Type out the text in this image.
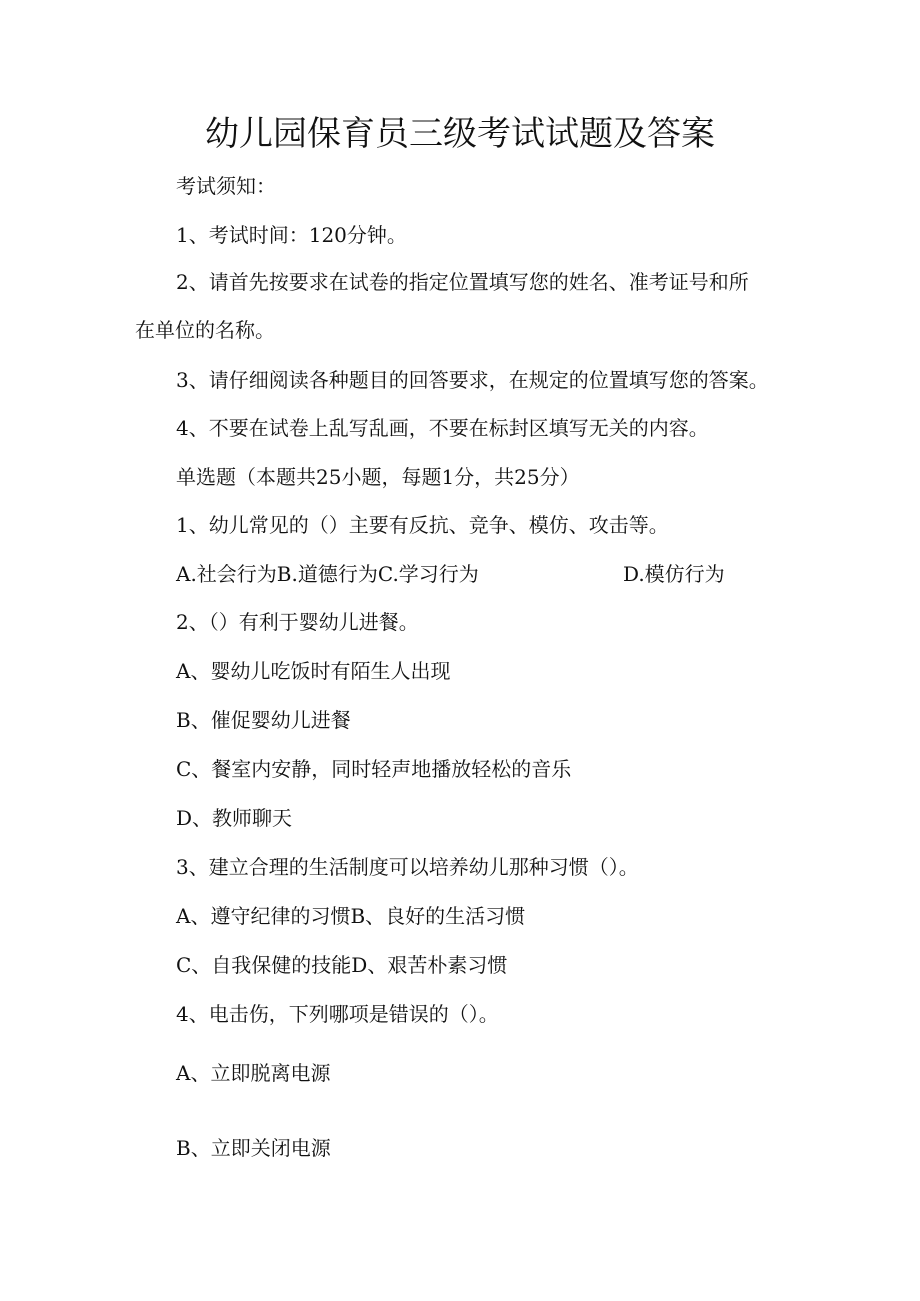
幼儿园保育员三级考试试题及答案
考试须知：
1、考试时间：120分钟。
2、请首先按要求在试卷的指定位置填写您的姓名、准考证号和所
在单位的名称。
3、请仔细阅读各种题目的回答要求，在规定的位置填写您的答案。
4、不要在试卷上乱写乱画，不要在标封区填写无关的内容。
单选题（本题共25小题，每题1分，共25分）
1、幼儿常见的（）主要有反抗、竞争、模仿、攻击等。
A.社会行为B.道德行为C.学习行为	D.模仿行为
2、（）有利于婴幼儿进餐。
A、婴幼儿吃饭时有陌生人出现
B、催促婴幼儿进餐
C、餐室内安静，同时轻声地播放轻松的音乐
D、教师聊天
3、建立合理的生活制度可以培养幼儿那种习惯（）。
A、遵守纪律的习惯B、良好的生活习惯
C、自我保健的技能D、艰苦朴素习惯
4、电击伤，下列哪项是错误的（）。
A、立即脱离电源
B、立即关闭电源
